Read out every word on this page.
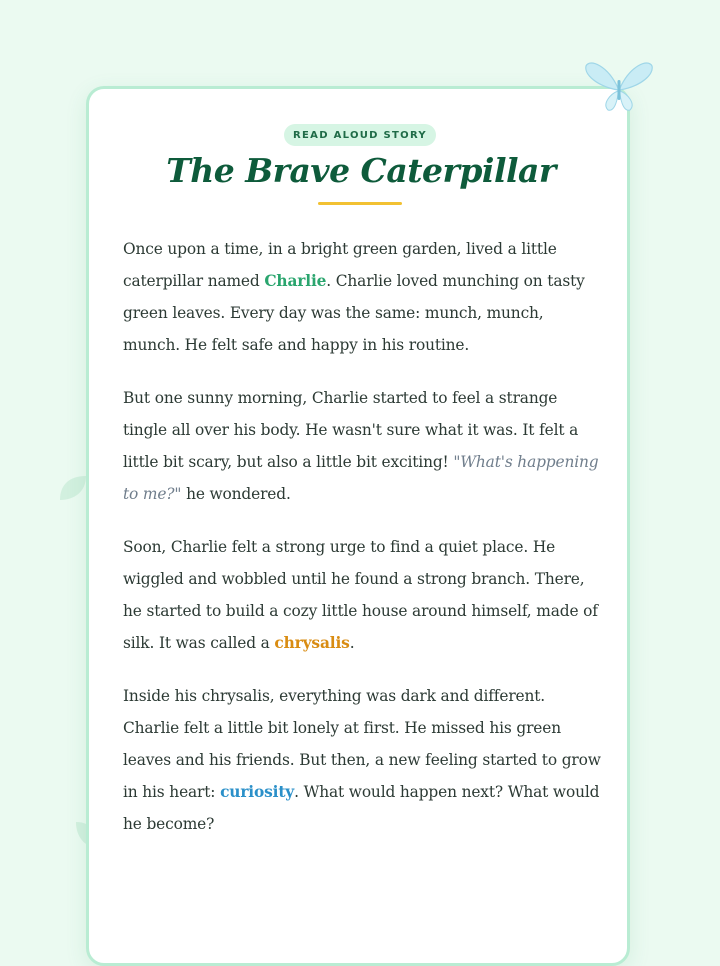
READ ALOUD STORY
The Brave Caterpillar

Once upon a time, in a bright green garden, lived a little caterpillar named Charlie. Charlie loved munching on tasty green leaves. Every day was the same: munch, munch, munch. He felt safe and happy in his routine.

But one sunny morning, Charlie started to feel a strange tingle all over his body. He wasn't sure what it was. It felt a little bit scary, but also a little bit exciting! "What's happening to me?" he wondered.

Soon, Charlie felt a strong urge to find a quiet place. He wiggled and wobbled until he found a strong branch. There, he started to build a cozy little house around himself, made of silk. It was called a chrysalis.

Inside his chrysalis, everything was dark and different. Charlie felt a little bit lonely at first. He missed his green leaves and his friends. But then, a new feeling started to grow in his heart: curiosity. What would happen next? What would he become?
